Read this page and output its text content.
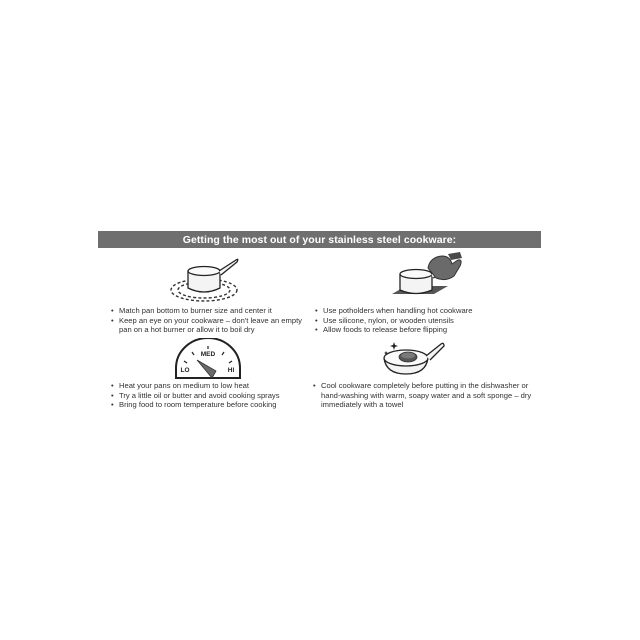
Getting the most out of your stainless steel cookware:
MED
LO	HI
• Match pan bottom to burner size and center it
• Keep an eye on your cookware – don't leave an empty pan on a hot burner or allow it to boil dry
• Use potholders when handling hot cookware
• Use silicone, nylon, or wooden utensils
• Allow foods to release before flipping
• Heat your pans on medium to low heat
• Try a little oil or butter and avoid cooking sprays
• Bring food to room temperature before cooking
• Cool cookware completely before putting in the dishwasher or hand-washing with warm, soapy water and a soft sponge – dry immediately with a towel
